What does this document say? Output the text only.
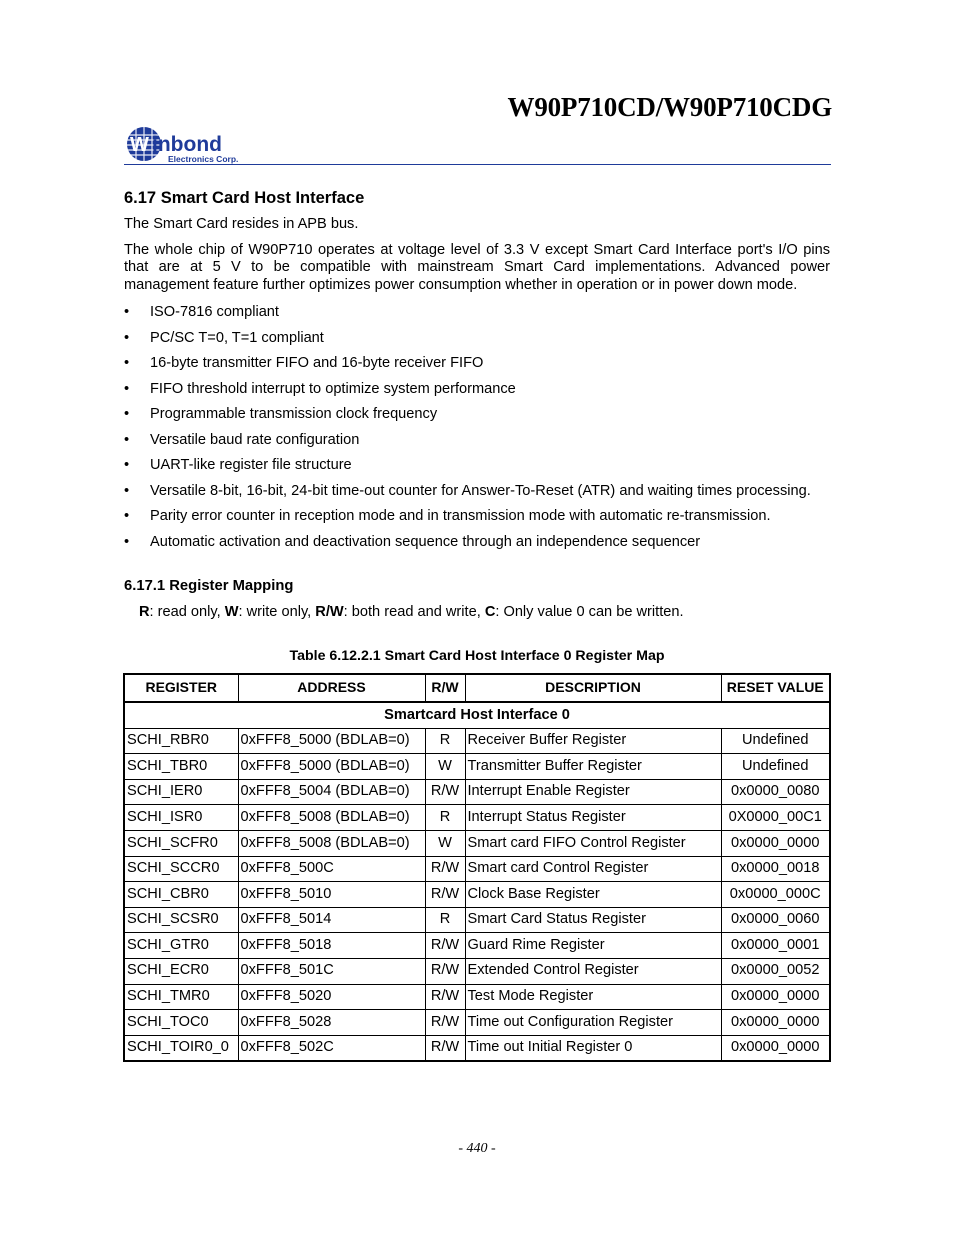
W90P710CD/W90P710CDG
W inbond
Electronics Corp.
6.17 Smart Card Host Interface

The Smart Card resides in APB bus.

The whole chip of W90P710 operates at voltage level of 3.3 V except Smart Card Interface port's I/O pins that are at 5 V to be compatible with mainstream Smart Card implementations. Advanced power management feature further optimizes power consumption whether in operation or in power down mode.

• ISO-7816 compliant
• PC/SC T=0, T=1 compliant
• 16-byte transmitter FIFO and 16-byte receiver FIFO
• FIFO threshold interrupt to optimize system performance
• Programmable transmission clock frequency
• Versatile baud rate configuration
• UART-like register file structure
• Versatile 8-bit, 16-bit, 24-bit time-out counter for Answer-To-Reset (ATR) and waiting times processing.
• Parity error counter in reception mode and in transmission mode with automatic re-transmission.
• Automatic activation and deactivation sequence through an independence sequencer
6.17.1 Register Mapping

R: read only, W: write only, R/W: both read and write, C: Only value 0 can be written.

Table 6.12.2.1 Smart Card Host Interface 0 Register Map
REGISTER	ADDRESS	R/W	DESCRIPTION	RESET VALUE
Smartcard Host Interface 0				
SCHI_RBR0	0xFFF8_5000 (BDLAB=0)	R	Receiver Buffer Register	Undefined
SCHI_TBR0	0xFFF8_5000 (BDLAB=0)	W	Transmitter Buffer Register	Undefined
SCHI_IER0	0xFFF8_5004 (BDLAB=0)	R/W	Interrupt Enable Register	0x0000_0080
SCHI_ISR0	0xFFF8_5008 (BDLAB=0)	R	Interrupt Status Register	0X0000_00C1
SCHI_SCFR0	0xFFF8_5008 (BDLAB=0)	W	Smart card FIFO Control Register	0x0000_0000
SCHI_SCCR0	0xFFF8_500C	R/W	Smart card Control Register	0x0000_0018
SCHI_CBR0	0xFFF8_5010	R/W	Clock Base Register	0x0000_000C
SCHI_SCSR0	0xFFF8_5014	R	Smart Card Status Register	0x0000_0060
SCHI_GTR0	0xFFF8_5018	R/W	Guard Rime Register	0x0000_0001
SCHI_ECR0	0xFFF8_501C	R/W	Extended Control Register	0x0000_0052
SCHI_TMR0	0xFFF8_5020	R/W	Test Mode Register	0x0000_0000
SCHI_TOC0	0xFFF8_5028	R/W	Time out Configuration Register	0x0000_0000
SCHI_TOIR0_0	0xFFF8_502C	R/W	Time out Initial Register 0	0x0000_0000
- 440 -
